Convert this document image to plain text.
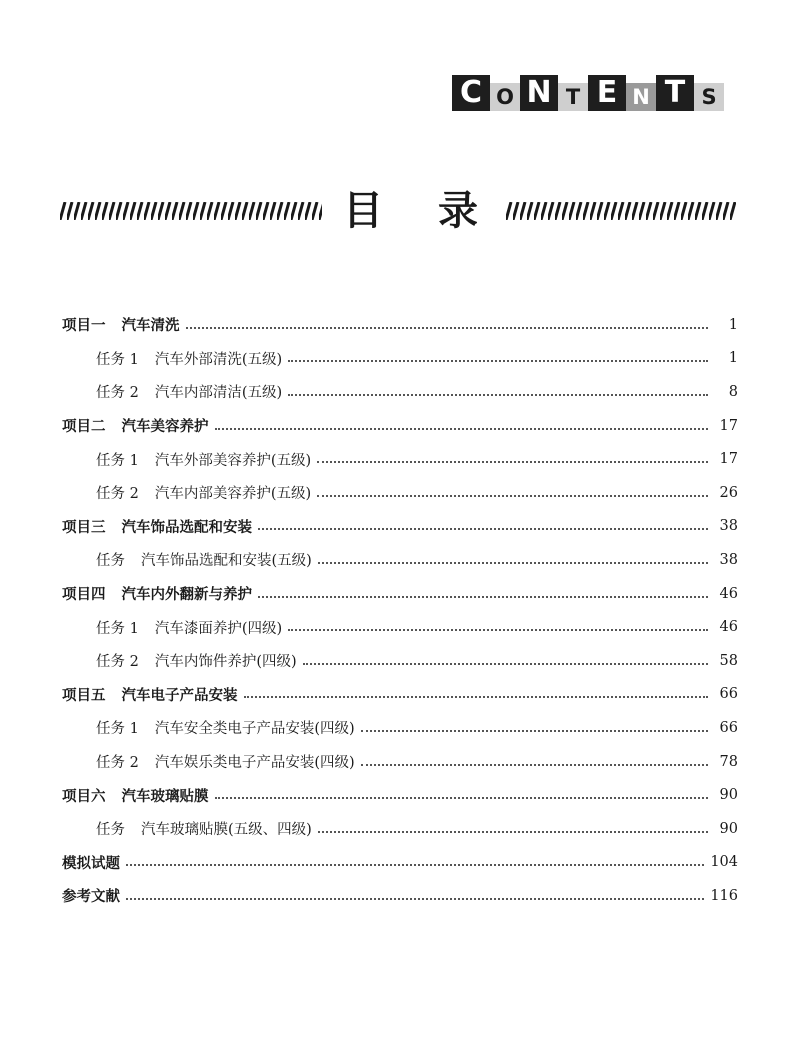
C O N T E N T S
目 录
项目一 汽车清洗	1
任务 1 汽车外部清洗(五级)	1
任务 2 汽车内部清洁(五级)	8
项目二 汽车美容养护	17
任务 1 汽车外部美容养护(五级)	17
任务 2 汽车内部美容养护(五级)	26
项目三 汽车饰品选配和安装	38
任务 汽车饰品选配和安装(五级)	38
项目四 汽车内外翻新与养护	46
任务 1 汽车漆面养护(四级)	46
任务 2 汽车内饰件养护(四级)	58
项目五 汽车电子产品安装	66
任务 1 汽车安全类电子产品安装(四级)	66
任务 2 汽车娱乐类电子产品安装(四级)	78
项目六 汽车玻璃贴膜	90
任务 汽车玻璃贴膜(五级、四级)	90
模拟试题	104
参考文献	116
